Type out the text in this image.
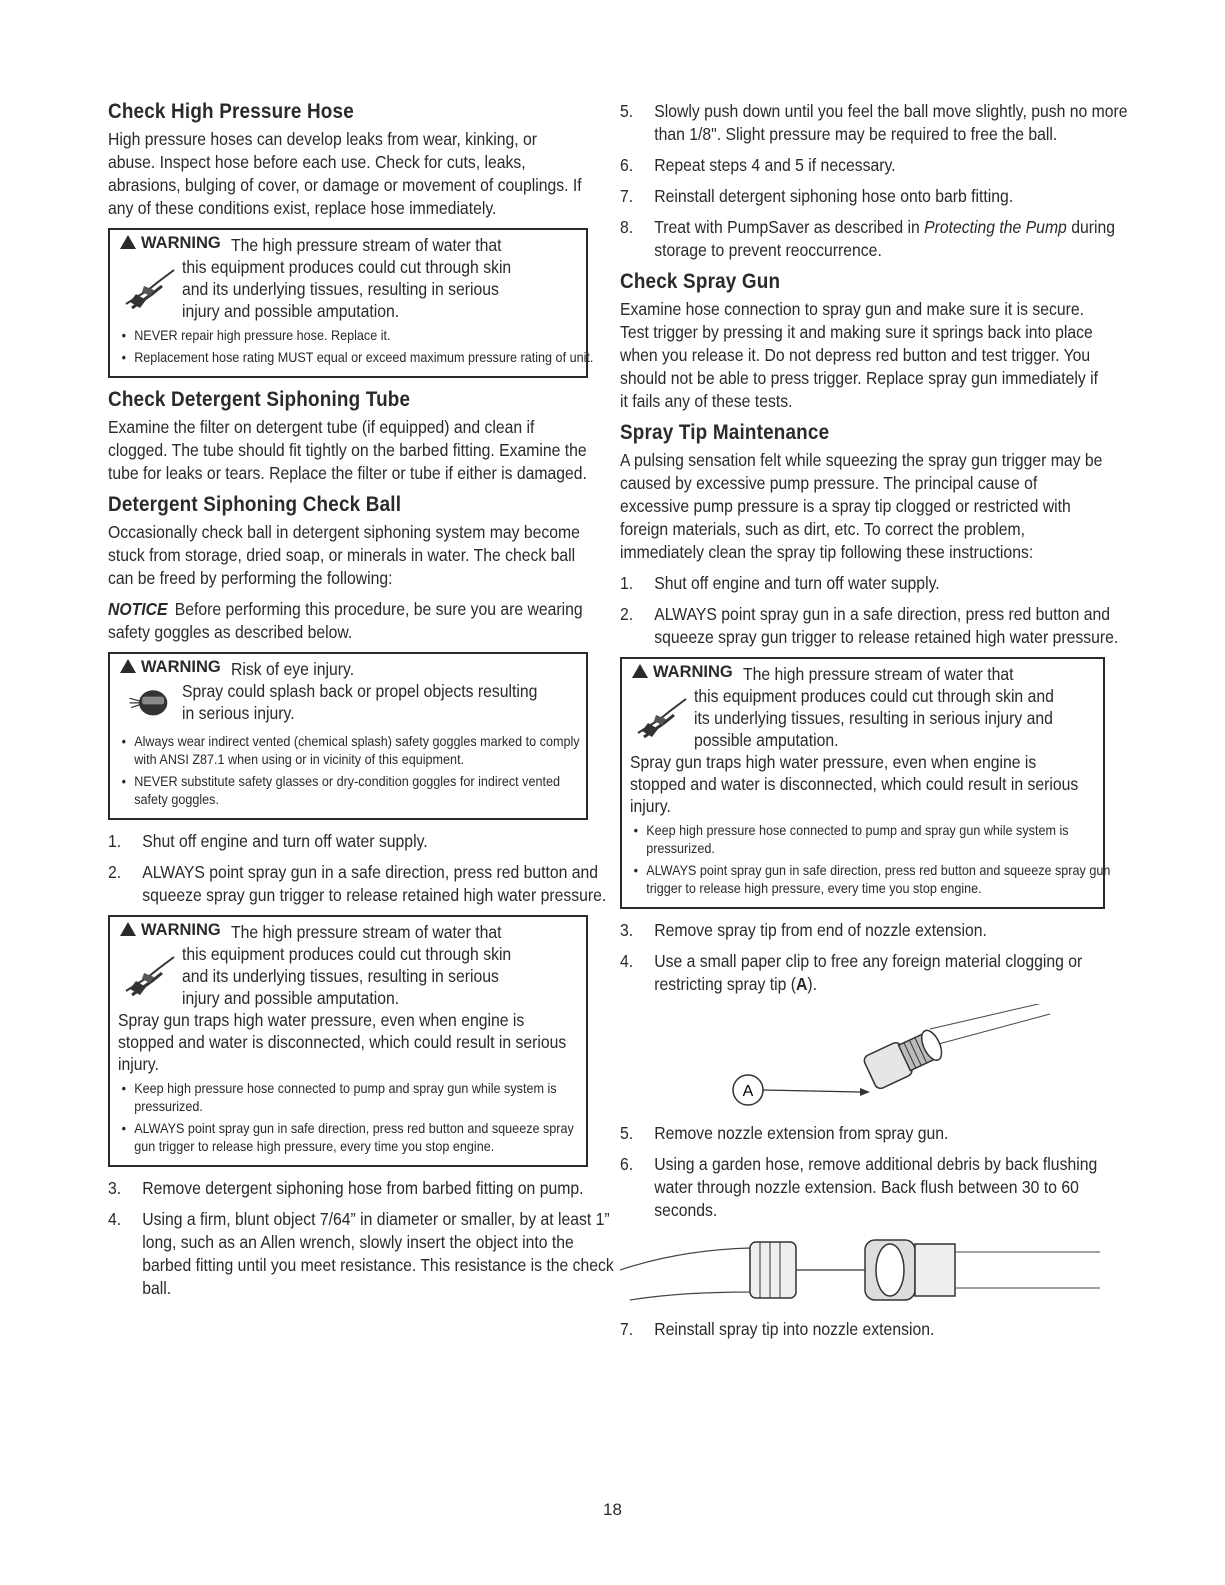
Check High Pressure Hose

High pressure hoses can develop leaks from wear, kinking, or abuse. Inspect hose before each use. Check for cuts, leaks, abrasions, bulging of cover, or damage or movement of couplings. If any of these conditions exist, replace hose immediately.

WARNING The high pressure stream of water that
this equipment produces could cut through skin and its underlying tissues, resulting in serious injury and possible amputation.
• NEVER repair high pressure hose. Replace it.
• Replacement hose rating MUST equal or exceed maximum pressure rating of unit.
Check Detergent Siphoning Tube

Examine the filter on detergent tube (if equipped) and clean if clogged. The tube should fit tightly on the barbed fitting. Examine the tube for leaks or tears. Replace the filter or tube if either is damaged.

Detergent Siphoning Check Ball

Occasionally check ball in detergent siphoning system may become stuck from storage, dried soap, or minerals in water. The check ball can be freed by performing the following:

NOTICE Before performing this procedure, be sure you are wearing safety goggles as described below.

WARNING Risk of eye injury.
Spray could splash back or propel objects resulting in serious injury.
• Always wear indirect vented (chemical splash) safety goggles marked to comply with ANSI Z87.1 when using or in vicinity of this equipment.
• NEVER substitute safety glasses or dry-condition goggles for indirect vented safety goggles.
1. Shut off engine and turn off water supply.
2. ALWAYS point spray gun in a safe direction, press red button and squeeze spray gun trigger to release retained high water pressure.
WARNING The high pressure stream of water that
this equipment produces could cut through skin and its underlying tissues, resulting in serious injury and possible amputation.
Spray gun traps high water pressure, even when engine is stopped and water is disconnected, which could result in serious injury.
• Keep high pressure hose connected to pump and spray gun while system is pressurized.
• ALWAYS point spray gun in safe direction, press red button and squeeze spray gun trigger to release high pressure, every time you stop engine.
3. Remove detergent siphoning hose from barbed fitting on pump.
4. Using a firm, blunt object 7/64” in diameter or smaller, by at least 1” long, such as an Allen wrench, slowly insert the object into the barbed fitting until you meet resistance. This resistance is the check ball.
5. Slowly push down until you feel the ball move slightly, push no more than 1/8". Slight pressure may be required to free the ball.
6. Repeat steps 4 and 5 if necessary.
7. Reinstall detergent siphoning hose onto barb fitting.
8. Treat with PumpSaver as described in Protecting the Pump during storage to prevent reoccurrence.
Check Spray Gun

Examine hose connection to spray gun and make sure it is secure. Test trigger by pressing it and making sure it springs back into place when you release it. Do not depress red button and test trigger. You should not be able to press trigger. Replace spray gun immediately if it fails any of these tests.

Spray Tip Maintenance

A pulsing sensation felt while squeezing the spray gun trigger may be caused by excessive pump pressure. The principal cause of excessive pump pressure is a spray tip clogged or restricted with foreign materials, such as dirt, etc. To correct the problem, immediately clean the spray tip following these instructions:

1. Shut off engine and turn off water supply.
2. ALWAYS point spray gun in a safe direction, press red button and squeeze spray gun trigger to release retained high water pressure.
WARNING The high pressure stream of water that
this equipment produces could cut through skin and its underlying tissues, resulting in serious injury and possible amputation.
Spray gun traps high water pressure, even when engine is stopped and water is disconnected, which could result in serious injury.
• Keep high pressure hose connected to pump and spray gun while system is pressurized.
• ALWAYS point spray gun in safe direction, press red button and squeeze spray gun trigger to release high pressure, every time you stop engine.
3. Remove spray tip from end of nozzle extension.
4. Use a small paper clip to free any foreign material clogging or restricting spray tip (A).
A
5. Remove nozzle extension from spray gun.
6. Using a garden hose, remove additional debris by back flushing water through nozzle extension. Back flush between 30 to 60 seconds.
7. Reinstall spray tip into nozzle extension.
18
